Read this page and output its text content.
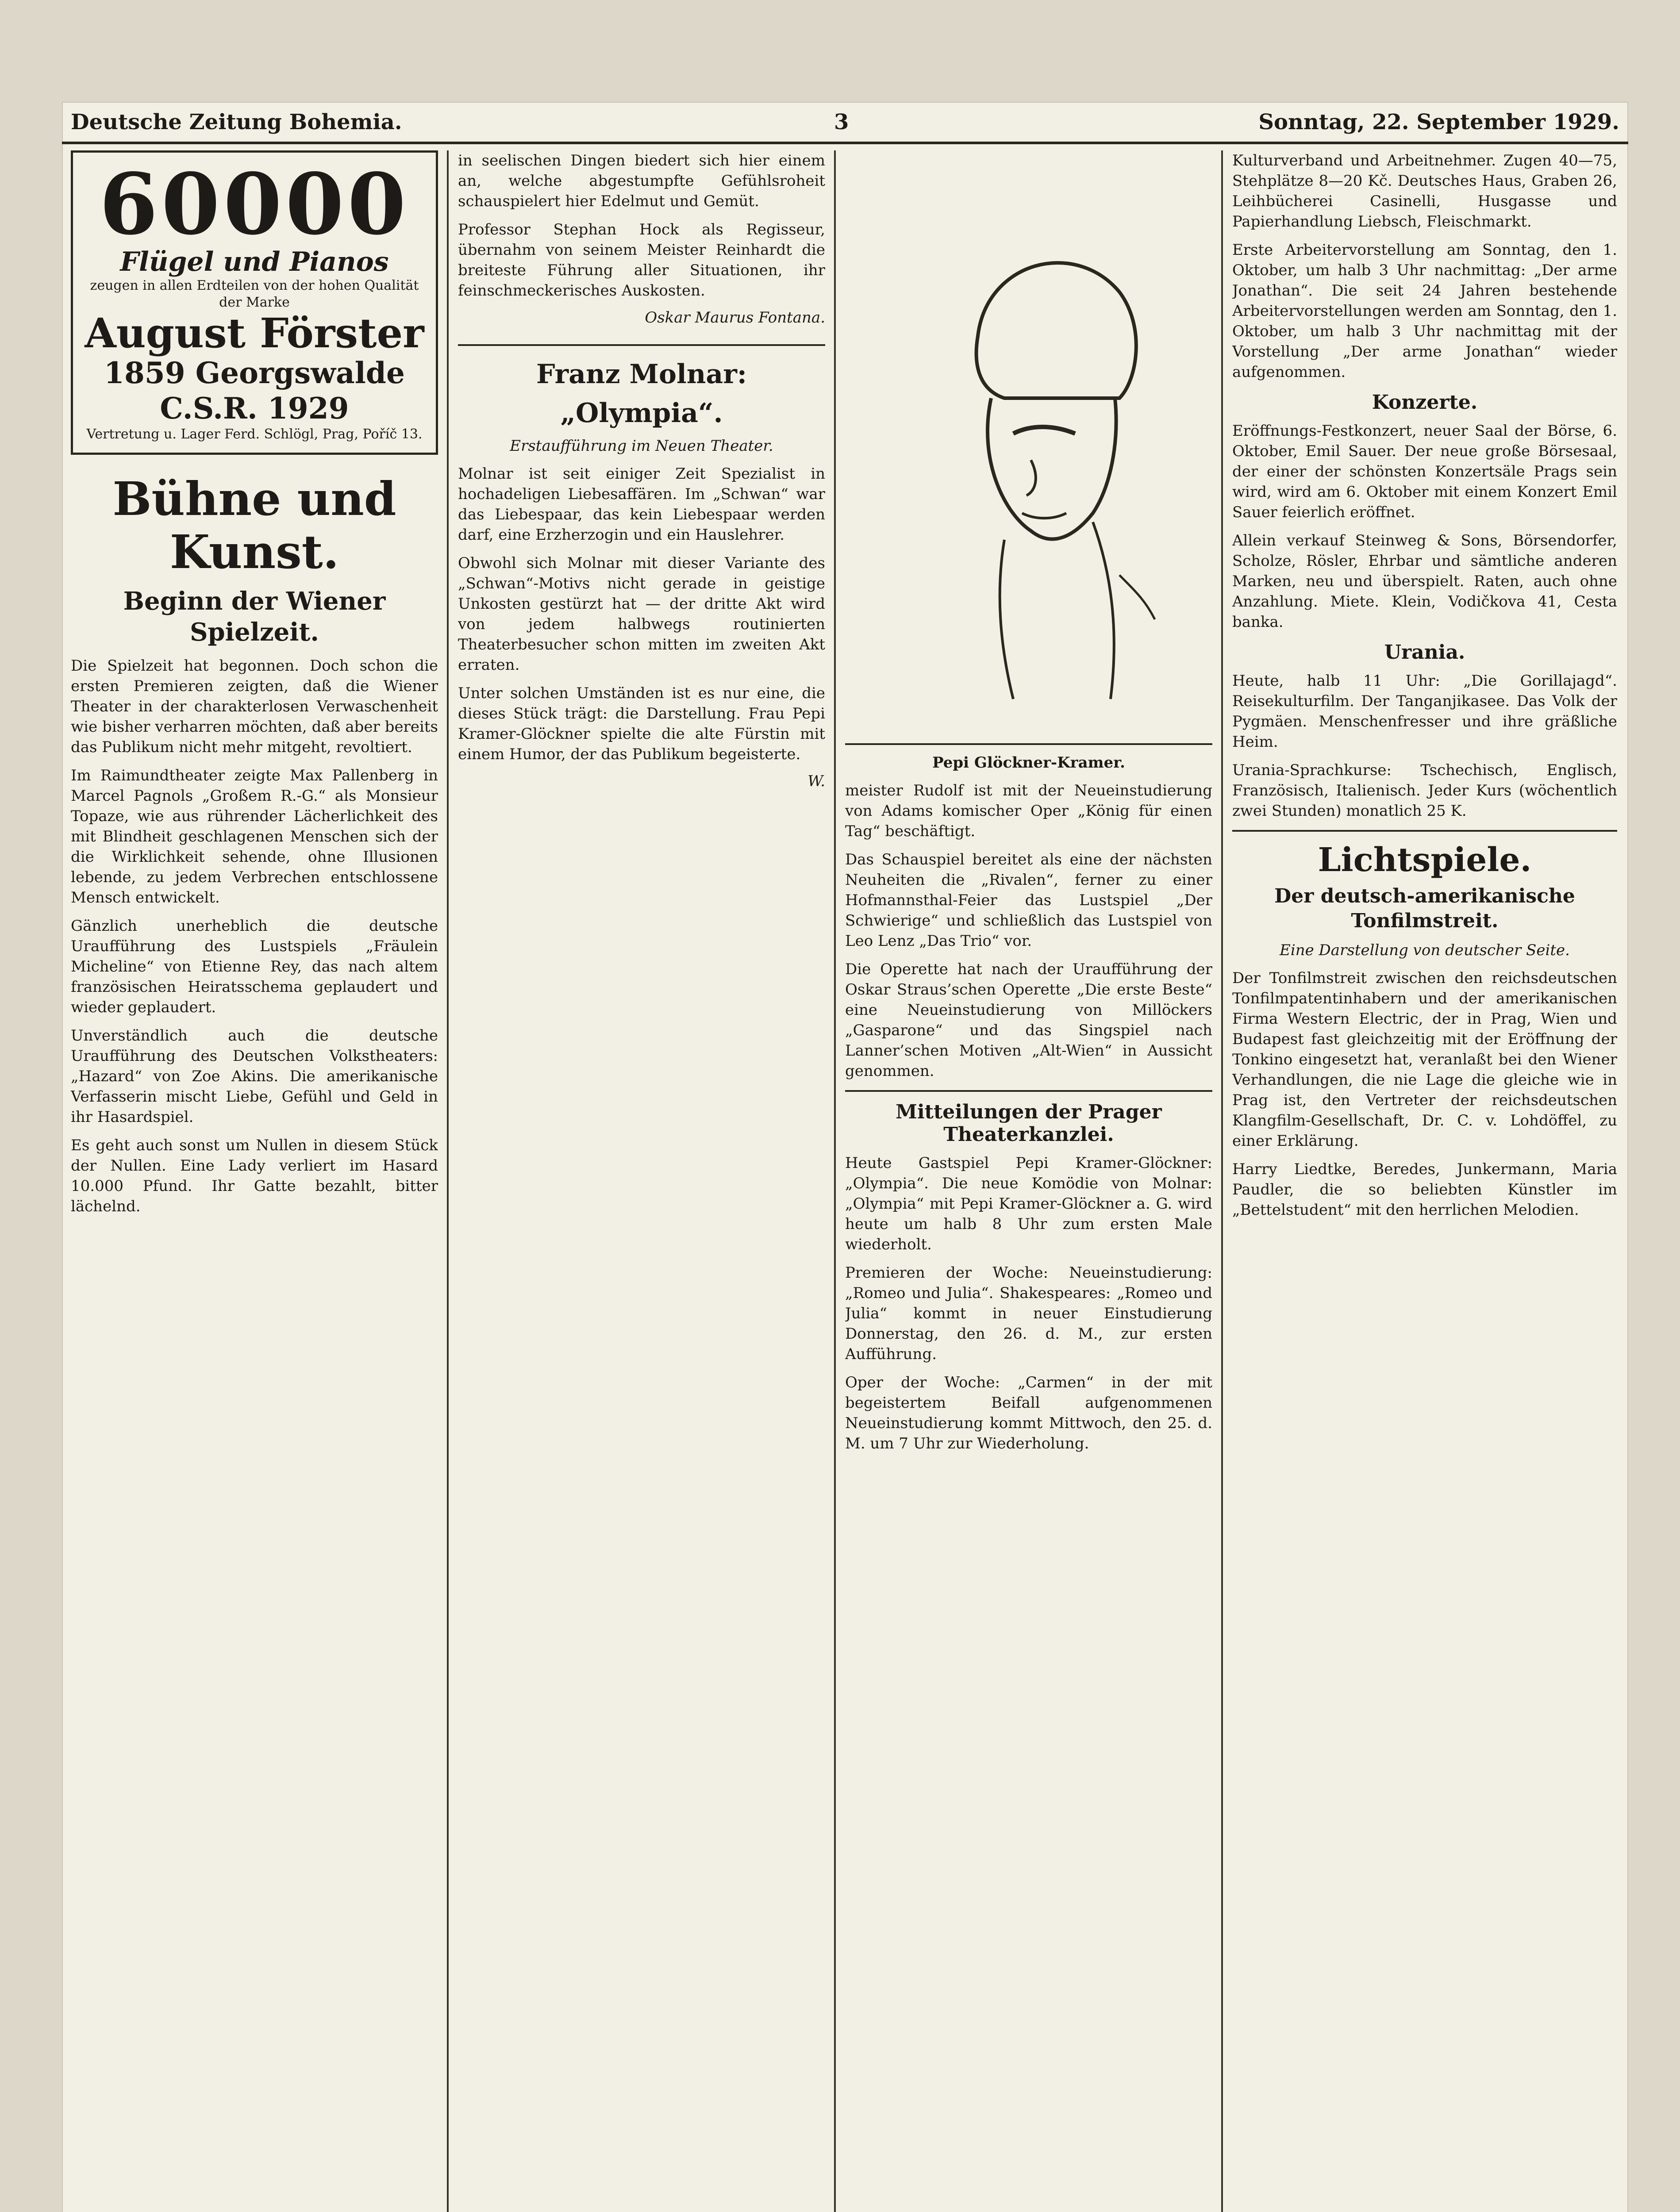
Deutsche Zeitung Bohemia.	3	Sonntag, 22. September 1929.
60000
Flügel und Pianos
zeugen in allen Erdteilen von der hohen Qualität der Marke
August Förster
1859 Georgswalde C.S.R. 1929
Vertretung u. Lager Ferd. Schlögl, Prag, Poříč 13.
Bühne und Kunst.
Beginn der Wiener Spielzeit.

Die Spielzeit hat begonnen. Doch schon die ersten Premieren zeigten, daß die Wiener Theater in der charakterlosen Verwaschenheit wie bisher verharren möchten, daß aber bereits das Publikum nicht mehr mitgeht, revoltiert.

Im Raimundtheater zeigte Max Pallenberg in Marcel Pagnols „Großem R.-G.“ als Monsieur Topaze, wie aus rührender Lächerlichkeit des mit Blindheit geschlagenen Menschen sich der die Wirklichkeit sehende, ohne Illusionen lebende, zu jedem Verbrechen entschlossene Mensch entwickelt.

Gänzlich unerheblich die deutsche Uraufführung des Lustspiels „Fräulein Micheline“ von Etienne Rey, das nach altem französischen Heiratsschema geplaudert und wieder geplaudert.

Unverständlich auch die deutsche Uraufführung des Deutschen Volkstheaters: „Hazard“ von Zoe Akins. Die amerikanische Verfasserin mischt Liebe, Gefühl und Geld in ihr Hasardspiel.

Es geht auch sonst um Nullen in diesem Stück der Nullen. Eine Lady verliert im Hasard 10.000 Pfund. Ihr Gatte bezahlt, bitter lächelnd.

in seelischen Dingen biedert sich hier einem an, welche abgestumpfte Gefühlsroheit schauspielert hier Edelmut und Gemüt.

Professor Stephan Hock als Regisseur, übernahm von seinem Meister Reinhardt die breiteste Führung aller Situationen, ihr feinschmeckerisches Auskosten.

Oskar Maurus Fontana.
Franz Molnar: „Olympia“.
Erstaufführung im Neuen Theater.

Molnar ist seit einiger Zeit Spezialist in hochadeligen Liebesaffären. Im „Schwan“ war das Liebespaar, das kein Liebespaar werden darf, eine Erzherzogin und ein Hauslehrer.

Obwohl sich Molnar mit dieser Variante des „Schwan“-Motivs nicht gerade in geistige Unkosten gestürzt hat — der dritte Akt wird von jedem halbwegs routinierten Theaterbesucher schon mitten im zweiten Akt erraten.

Unter solchen Umständen ist es nur eine, die dieses Stück trägt: die Darstellung. Frau Pepi Kramer-Glöckner spielte die alte Fürstin mit einem Humor, der das Publikum begeisterte.

W.
Pepi Glöckner-Kramer.

meister Rudolf ist mit der Neueinstudierung von Adams komischer Oper „König für einen Tag“ beschäftigt.

Das Schauspiel bereitet als eine der nächsten Neuheiten die „Rivalen“, ferner zu einer Hofmannsthal-Feier das Lustspiel „Der Schwierige“ und schließlich das Lustspiel von Leo Lenz „Das Trio“ vor.

Die Operette hat nach der Uraufführung der Oskar Straus’schen Operette „Die erste Beste“ eine Neueinstudierung von Millöckers „Gasparone“ und das Singspiel nach Lanner’schen Motiven „Alt-Wien“ in Aussicht genommen.

Mitteilungen der Prager Theaterkanzlei.

Heute Gastspiel Pepi Kramer-Glöckner: „Olympia“. Die neue Komödie von Molnar: „Olympia“ mit Pepi Kramer-Glöckner a. G. wird heute um halb 8 Uhr zum ersten Male wiederholt.

Premieren der Woche: Neueinstudierung: „Romeo und Julia“. Shakespeares: „Romeo und Julia“ kommt in neuer Einstudierung Donnerstag, den 26. d. M., zur ersten Aufführung.

Oper der Woche: „Carmen“ in der mit begeistertem Beifall aufgenommenen Neueinstudierung kommt Mittwoch, den 25. d. M. um 7 Uhr zur Wiederholung.

Kulturverband und Arbeitnehmer. Zugen 40—75, Stehplätze 8—20 Kč. Deutsches Haus, Graben 26, Leihbücherei Casinelli, Husgasse und Papierhandlung Liebsch, Fleischmarkt.

Erste Arbeitervorstellung am Sonntag, den 1. Oktober, um halb 3 Uhr nachmittag: „Der arme Jonathan“. Die seit 24 Jahren bestehende Arbeitervorstellungen werden am Sonntag, den 1. Oktober, um halb 3 Uhr nachmittag mit der Vorstellung „Der arme Jonathan“ wieder aufgenommen.

Konzerte.

Eröffnungs-Festkonzert, neuer Saal der Börse, 6. Oktober, Emil Sauer. Der neue große Börsesaal, der einer der schönsten Konzertsäle Prags sein wird, wird am 6. Oktober mit einem Konzert Emil Sauer feierlich eröffnet.

Allein verkauf Steinweg & Sons, Börsendorfer, Scholze, Rösler, Ehrbar und sämtliche anderen Marken, neu und überspielt. Raten, auch ohne Anzahlung. Miete. Klein, Vodičkova 41, Cesta banka.

Urania.

Heute, halb 11 Uhr: „Die Gorillajagd“. Reisekulturfilm. Der Tanganjikasee. Das Volk der Pygmäen. Menschenfresser und ihre gräßliche Heim.

Urania-Sprachkurse: Tschechisch, Englisch, Französisch, Italienisch. Jeder Kurs (wöchentlich zwei Stunden) monatlich 25 K.

Lichtspiele.
Der deutsch-amerikanische Tonfilmstreit.
Eine Darstellung von deutscher Seite.

Der Tonfilmstreit zwischen den reichsdeutschen Tonfilmpatentinhabern und der amerikanischen Firma Western Electric, der in Prag, Wien und Budapest fast gleichzeitig mit der Eröffnung der Tonkino eingesetzt hat, veranlaßt bei den Wiener Verhandlungen, die nie Lage die gleiche wie in Prag ist, den Vertreter der reichsdeutschen Klangfilm-Gesellschaft, Dr. C. v. Lohdöffel, zu einer Erklärung.

Harry Liedtke, Beredes, Junkermann, Maria Paudler, die so beliebten Künstler im „Bettelstudent“ mit den herrlichen Melodien.
